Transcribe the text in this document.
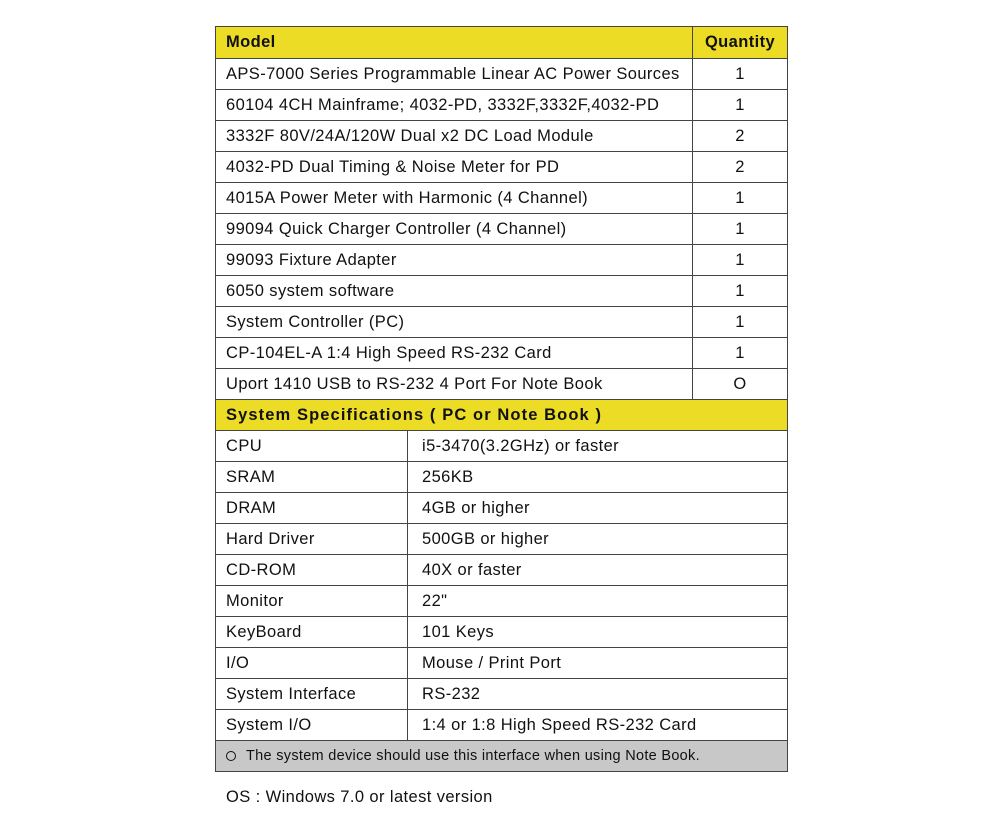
Model	Quantity
APS-7000 Series Programmable Linear AC Power Sources	1
60104 4CH Mainframe; 4032-PD, 3332F,3332F,4032-PD	1
3332F 80V/24A/120W Dual x2 DC Load Module	2
4032-PD Dual Timing & Noise Meter for PD	2
4015A Power Meter with Harmonic (4 Channel)	1
99094 Quick Charger Controller (4 Channel)	1
99093 Fixture Adapter	1
6050 system software	1
System Controller (PC)	1
CP-104EL-A 1:4 High Speed RS-232 Card	1
Uport 1410 USB to RS-232 4 Port For Note Book	O
System Specifications ( PC or Note Book )
CPU	i5-3470(3.2GHz) or faster
SRAM	256KB
DRAM	4GB or higher
Hard Driver	500GB or higher
CD-ROM	40X or faster
Monitor	22"
KeyBoard	101 Keys
I/O	Mouse / Print Port
System Interface	RS-232
System I/O	1:4 or 1:8 High Speed RS-232 Card
The system device should use this interface when using Note Book.
OS : Windows 7.0 or latest version
